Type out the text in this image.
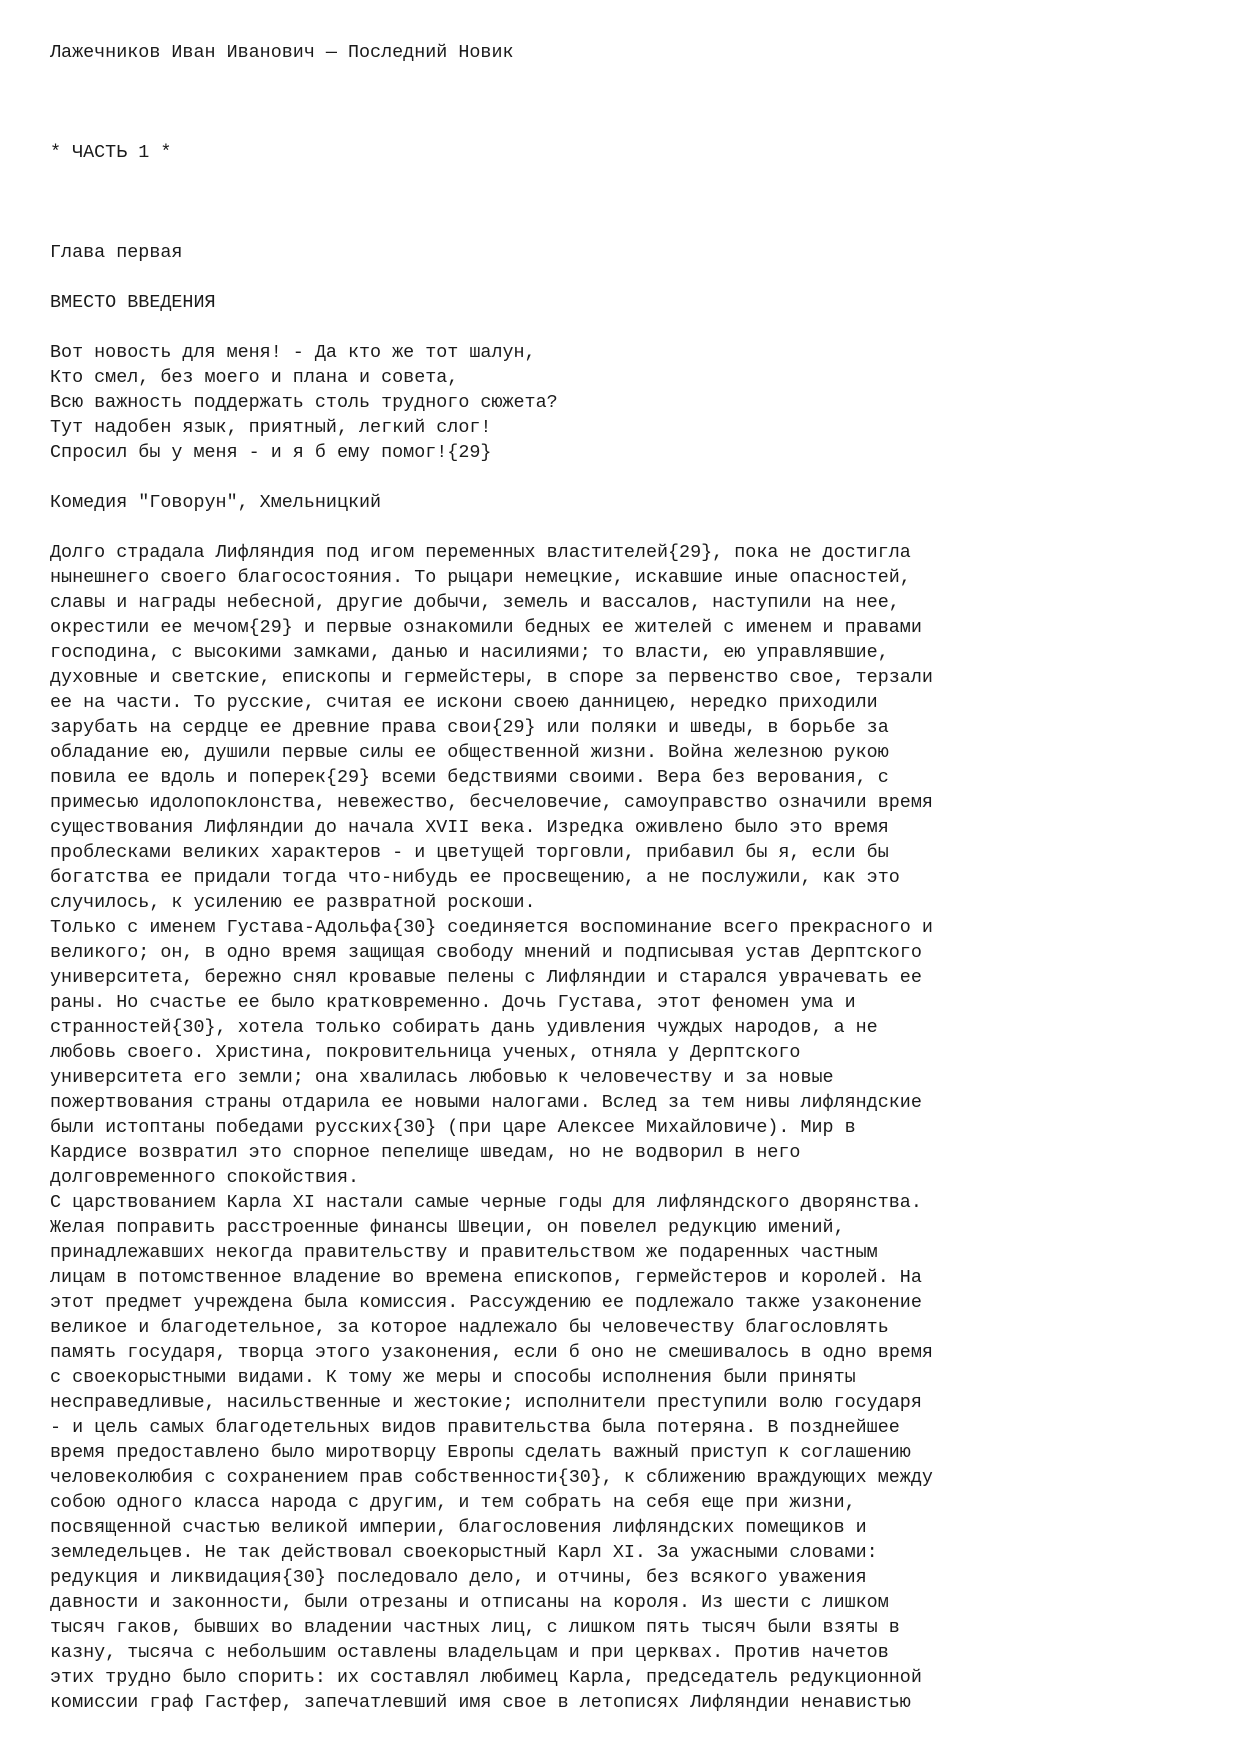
Лажечников Иван Иванович — Последний Новик
* ЧАСТЬ 1 *
Глава первая
ВМЕСТО ВВЕДЕНИЯ
Вот новость для меня! - Да кто же тот шалун,
Кто смел, без моего и плана и совета,
Всю важность поддержать столь трудного сюжета?
Тут надобен язык, приятный, легкий слог!
Спросил бы у меня - и я б ему помог!{29}
Комедия "Говорун", Хмельницкий
Долго страдала Лифляндия под игом переменных властителей{29}, пока не достигла
нынешнего своего благосостояния. То рыцари немецкие, искавшие иные опасностей,
славы и награды небесной, другие добычи, земель и вассалов, наступили на нее,
окрестили ее мечом{29} и первые ознакомили бедных ее жителей с именем и правами
господина, с высокими замками, данью и насилиями; то власти, ею управлявшие,
духовные и светские, епископы и гермейстеры, в споре за первенство свое, терзали
ее на части. То русские, считая ее искони своею данницею, нередко приходили
зарубать на сердце ее древние права свои{29} или поляки и шведы, в борьбе за
обладание ею, душили первые силы ее общественной жизни. Война железною рукою
повила ее вдоль и поперек{29} всеми бедствиями своими. Вера без верования, с
примесью идолопоклонства, невежество, бесчеловечие, самоуправство означили время
существования Лифляндии до начала XVII века. Изредка оживлено было это время
проблесками великих характеров - и цветущей торговли, прибавил бы я, если бы
богатства ее придали тогда что-нибудь ее просвещению, а не послужили, как это
случилось, к усилению ее развратной роскоши.
Только с именем Густава-Адольфа{30} соединяется воспоминание всего прекрасного и
великого; он, в одно время защищая свободу мнений и подписывая устав Дерптского
университета, бережно снял кровавые пелены с Лифляндии и старался уврачевать ее
раны. Но счастье ее было кратковременно. Дочь Густава, этот феномен ума и
странностей{30}, хотела только собирать дань удивления чуждых народов, а не
любовь своего. Христина, покровительница ученых, отняла у Дерптского
университета его земли; она хвалилась любовью к человечеству и за новые
пожертвования страны отдарила ее новыми налогами. Вслед за тем нивы лифляндские
были истоптаны победами русских{30} (при царе Алексее Михайловиче). Мир в
Кардисе возвратил это спорное пепелище шведам, но не водворил в него
долговременного спокойствия.
С царствованием Карла XI настали самые черные годы для лифляндского дворянства.
Желая поправить расстроенные финансы Швеции, он повелел редукцию имений,
принадлежавших некогда правительству и правительством же подаренных частным
лицам в потомственное владение во времена епископов, гермейстеров и королей. На
этот предмет учреждена была комиссия. Рассуждению ее подлежало также узаконение
великое и благодетельное, за которое надлежало бы человечеству благословлять
память государя, творца этого узаконения, если б оно не смешивалось в одно время
с своекорыстными видами. К тому же меры и способы исполнения были приняты
несправедливые, насильственные и жестокие; исполнители преступили волю государя
- и цель самых благодетельных видов правительства была потеряна. В позднейшее
время предоставлено было миротворцу Европы сделать важный приступ к соглашению
человеколюбия с сохранением прав собственности{30}, к сближению враждующих между
собою одного класса народа с другим, и тем собрать на себя еще при жизни,
посвященной счастью великой империи, благословения лифляндских помещиков и
земледельцев. Не так действовал своекорыстный Карл XI. За ужасными словами:
редукция и ликвидация{30} последовало дело, и отчины, без всякого уважения
давности и законности, были отрезаны и отписаны на короля. Из шести с лишком
тысяч гаков, бывших во владении частных лиц, с лишком пять тысяч были взяты в
казну, тысяча с небольшим оставлены владельцам и при церквах. Против начетов
этих трудно было спорить: их составлял любимец Карла, председатель редукционной
комиссии граф Гастфер, запечатлевший имя свое в летописях Лифляндии ненавистью
